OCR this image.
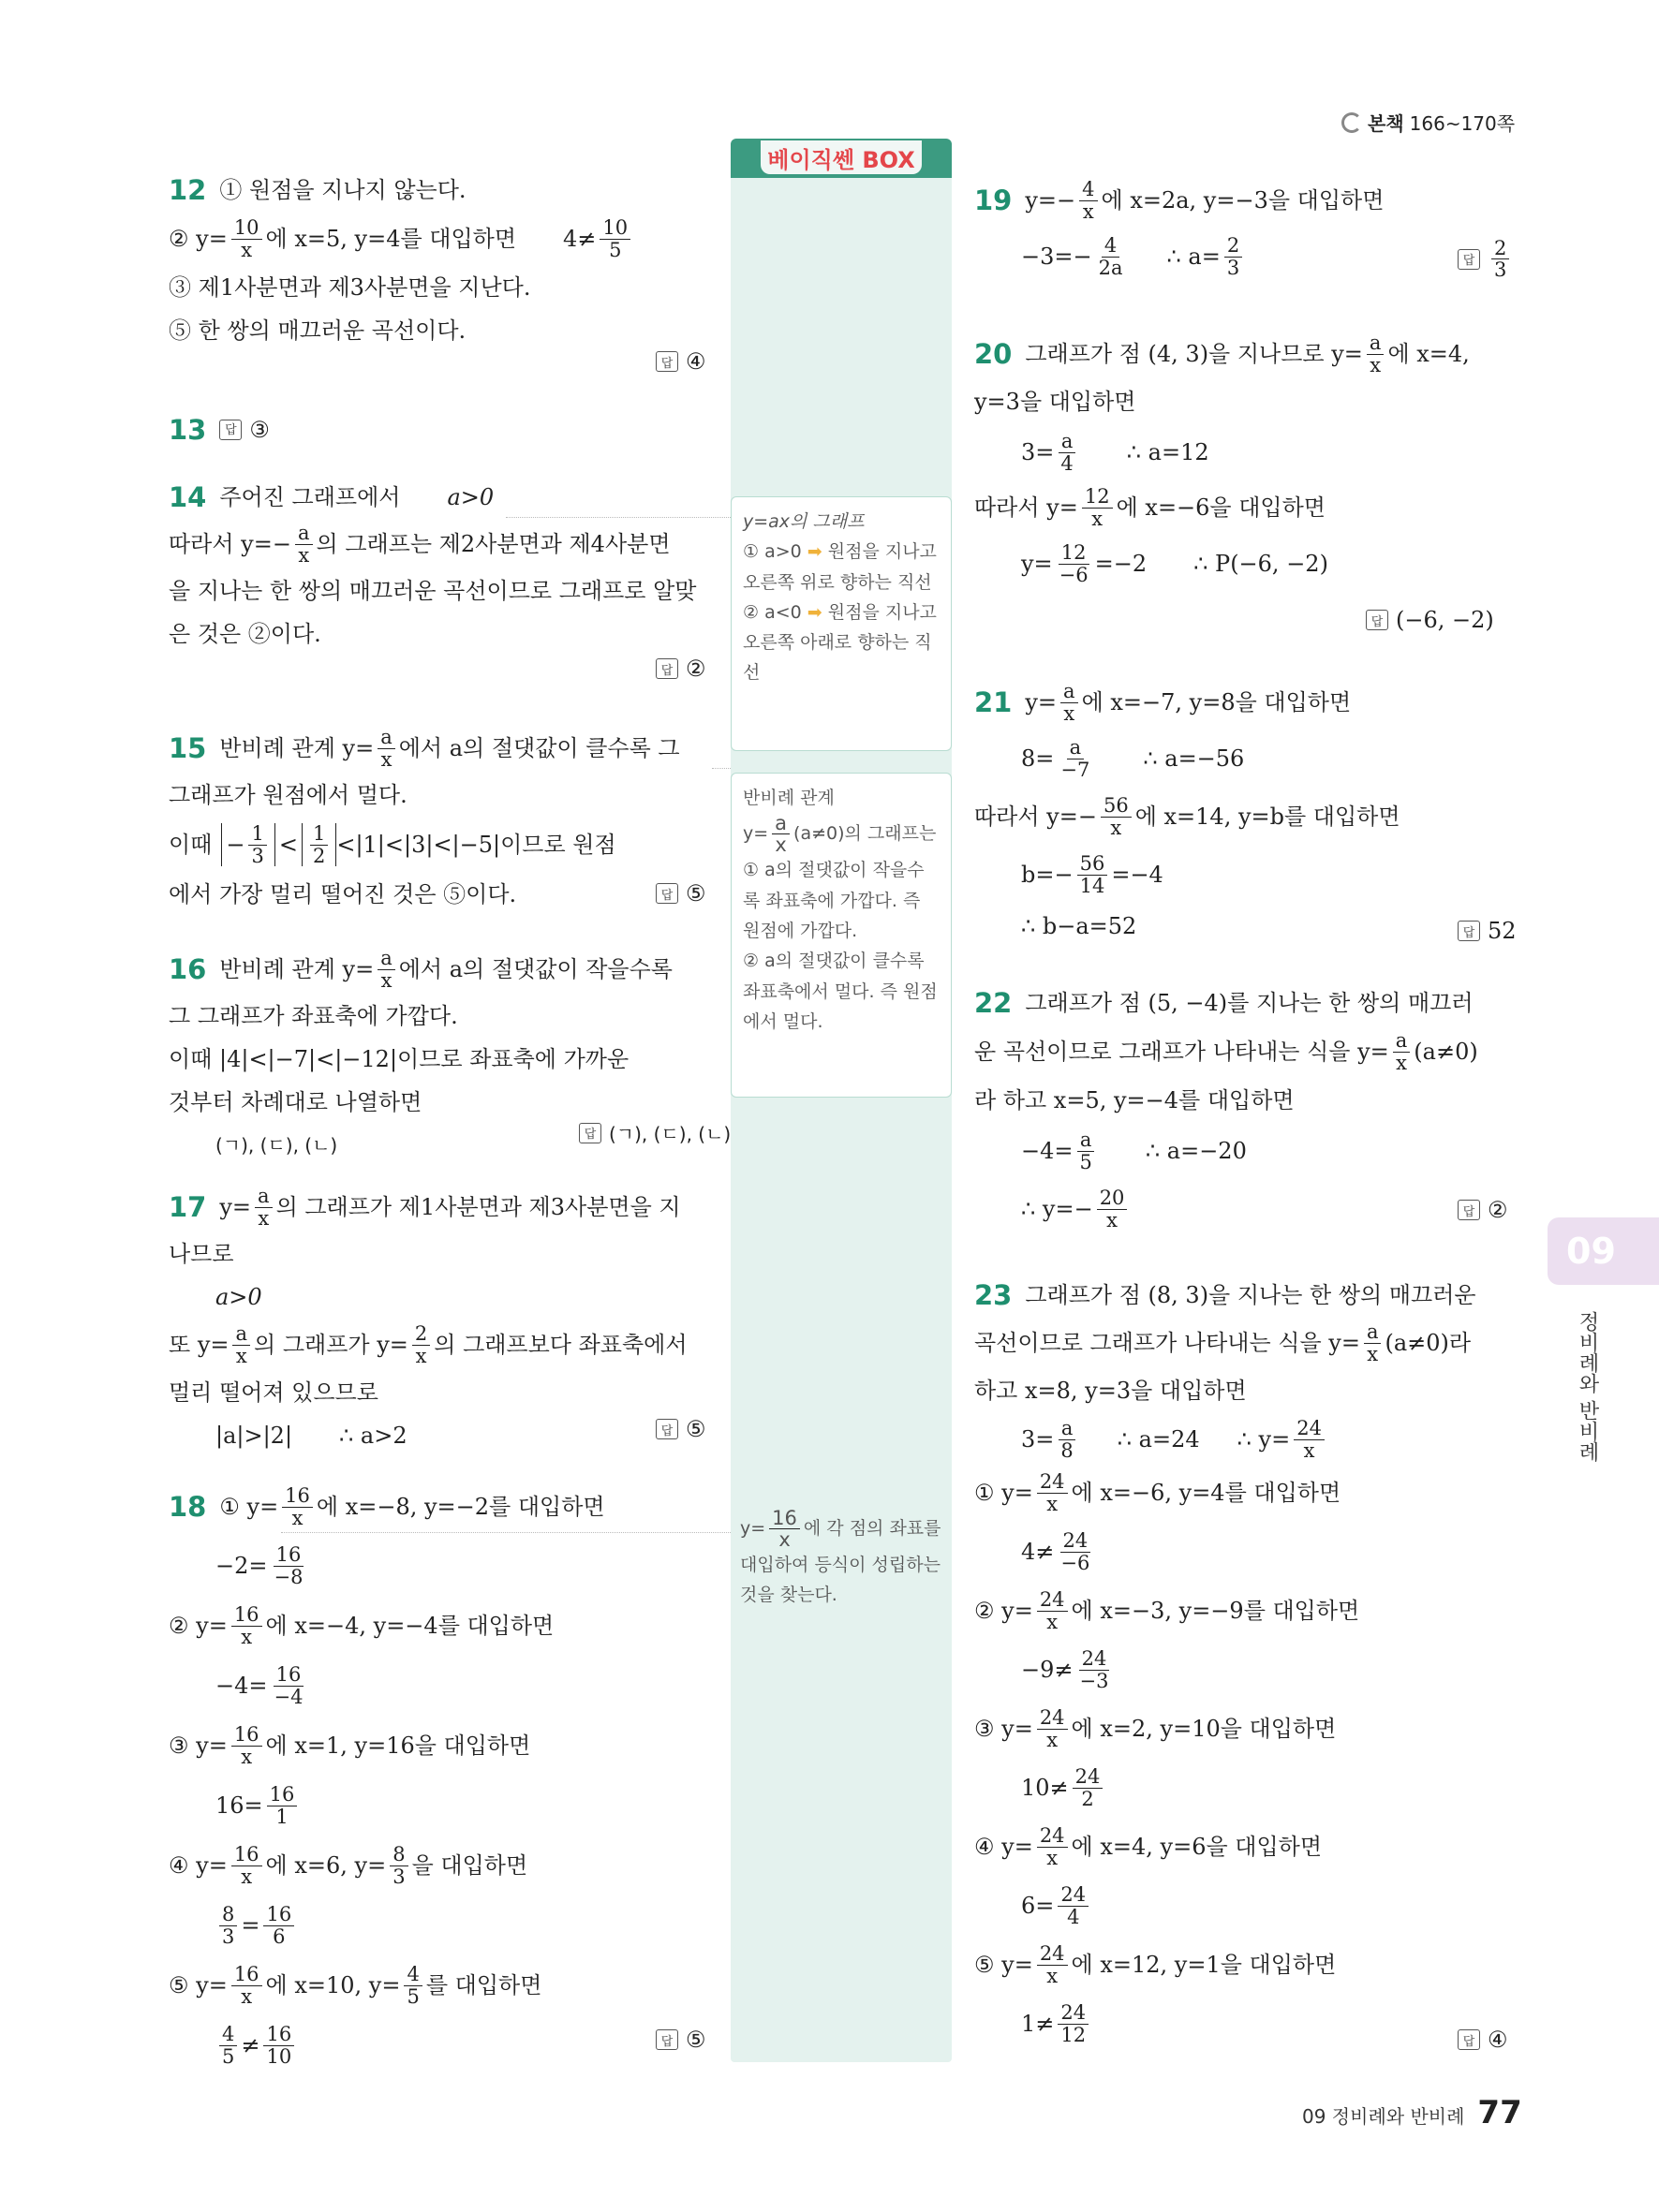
본책 166~170쪽
베이직쎈 BOX
y=ax의 그래프
① a>0 ➡ 원점을 지나고 오른쪽 위로 향하는 직선
② a<0 ➡ 원점을 지나고 오른쪽 아래로 향하는 직선
반비례 관계
$y= \frac{a}{x} (a\ne 0)$의 그래프는
① a의 절댓값이 작을수록 좌표축에 가깝다. 즉 원점에 가깝다.
② a의 절댓값이 클수록 좌표축에서 멀다. 즉 원점에서 멀다.
$y= \frac{16}{x}$ 에 각 점의 좌표를 대입하여 등식이 성립하는 것을 찾는다.
12 ① 원점을 지나지 않는다.
② $y= \frac{10}{x}$ 에 x=5, y=4를 대입하면 $4\ne \frac{10}{5}$
③ 제1사분면과 제3사분면을 지난다.
⑤ 한 쌍의 매끄러운 곡선이다.
답 ④
13	답 ③
14 주어진 그래프에서 a>0
따라서 $y=- \frac{a}{x}$ 의 그래프는 제2사분면과 제4사분면
을 지나는 한 쌍의 매끄러운 곡선이므로 그래프로 알맞
은 것은 ②이다.
답 ②
15 반비례 관계 $y= \frac{a}{x}$ 에서 a의 절댓값이 클수록 그
그래프가 원점에서 멀다.
이때 − $\frac{1}{3} < \frac{1}{2} <|1|<|3|<|-5|$이므로 원점
에서 가장 멀리 떨어진 것은 ⑤이다.	답 ⑤
16 반비례 관계 $y= \frac{a}{x}$ 에서 a의 절댓값이 작을수록
그 그래프가 좌표축에 가깝다.
이때 |4|<|−7|<|−12|이므로 좌표축에 가까운
것부터 차례대로 나열하면
(ㄱ), (ㄷ), (ㄴ)	답 (ㄱ), (ㄷ), (ㄴ)
17 $y= \frac{a}{x}$ 의 그래프가 제1사분면과 제3사분면을 지
나므로
a>0
또 $y= \frac{a}{x}$ 의 그래프가 $y= \frac{2}{x}$ 의 그래프보다 좌표축에서
멀리 떨어져 있으므로
|a|>|2| ∴ a>2	답 ⑤
18 ① $y= \frac{16}{x}$ 에 x=−8, y=−2를 대입하면
$-2= \frac{16}{-8}$
② $y= \frac{16}{x}$ 에 x=−4, y=−4를 대입하면
$-4= \frac{16}{-4}$
③ $y= \frac{16}{x}$ 에 x=1, y=16을 대입하면
$16= \frac{16}{1}$
④ $y= \frac{16}{x}$ 에 x=6, $y= \frac{8}{3}$ 을 대입하면
$\frac{8}{3} = \frac{16}{6}$
⑤ $y= \frac{16}{x}$ 에 x=10, $y= \frac{4}{5}$ 를 대입하면
$\frac{4}{5} \ne \frac{16}{10}$	답 ⑤
19 $y=- \frac{4}{x}$ 에 x=2a, y=−3을 대입하면
$-3=- \frac{4}{2a}$ ∴ $a= \frac{2}{3}$	답 $\frac{2}{3}$
20 그래프가 점 (4, 3)을 지나므로 $y= \frac{a}{x}$ 에 x=4,
y=3을 대입하면
$3= \frac{a}{4}$ ∴ a=12
따라서 $y= \frac{12}{x}$ 에 x=−6을 대입하면
$y= \frac{12}{-6} =-2$ ∴ P(−6, −2)
답 (−6, −2)
21 $y= \frac{a}{x}$ 에 x=−7, y=8을 대입하면
$8= \frac{a}{-7}$ ∴ a=−56
따라서 $y=- \frac{56}{x}$ 에 x=14, y=b를 대입하면
$b=- \frac{56}{14} =-4$
∴ b−a=52	답 52
22 그래프가 점 (5, −4)를 지나는 한 쌍의 매끄러
운 곡선이므로 그래프가 나타내는 식을 $y= \frac{a}{x} (a\ne 0)$
라 하고 x=5, y=−4를 대입하면
$-4= \frac{a}{5}$ ∴ a=−20
∴ $y=- \frac{20}{x}$	답 ②
23 그래프가 점 (8, 3)을 지나는 한 쌍의 매끄러운
곡선이므로 그래프가 나타내는 식을 $y= \frac{a}{x} (a\ne 0)$라
하고 x=8, y=3을 대입하면
$3= \frac{a}{8}$ ∴ a=24 ∴ $y= \frac{24}{x}$
① $y= \frac{24}{x}$ 에 x=−6, y=4를 대입하면
$4\ne \frac{24}{-6}$
② $y= \frac{24}{x}$ 에 x=−3, y=−9를 대입하면
$-9\ne \frac{24}{-3}$
③ $y= \frac{24}{x}$ 에 x=2, y=10을 대입하면
$10\ne \frac{24}{2}$
④ $y= \frac{24}{x}$ 에 x=4, y=6을 대입하면
$6= \frac{24}{4}$
⑤ $y= \frac{24}{x}$ 에 x=12, y=1을 대입하면
$1\ne \frac{24}{12}$	답 ④
09
정비례와 반비례
09 정비례와 반비례 77
